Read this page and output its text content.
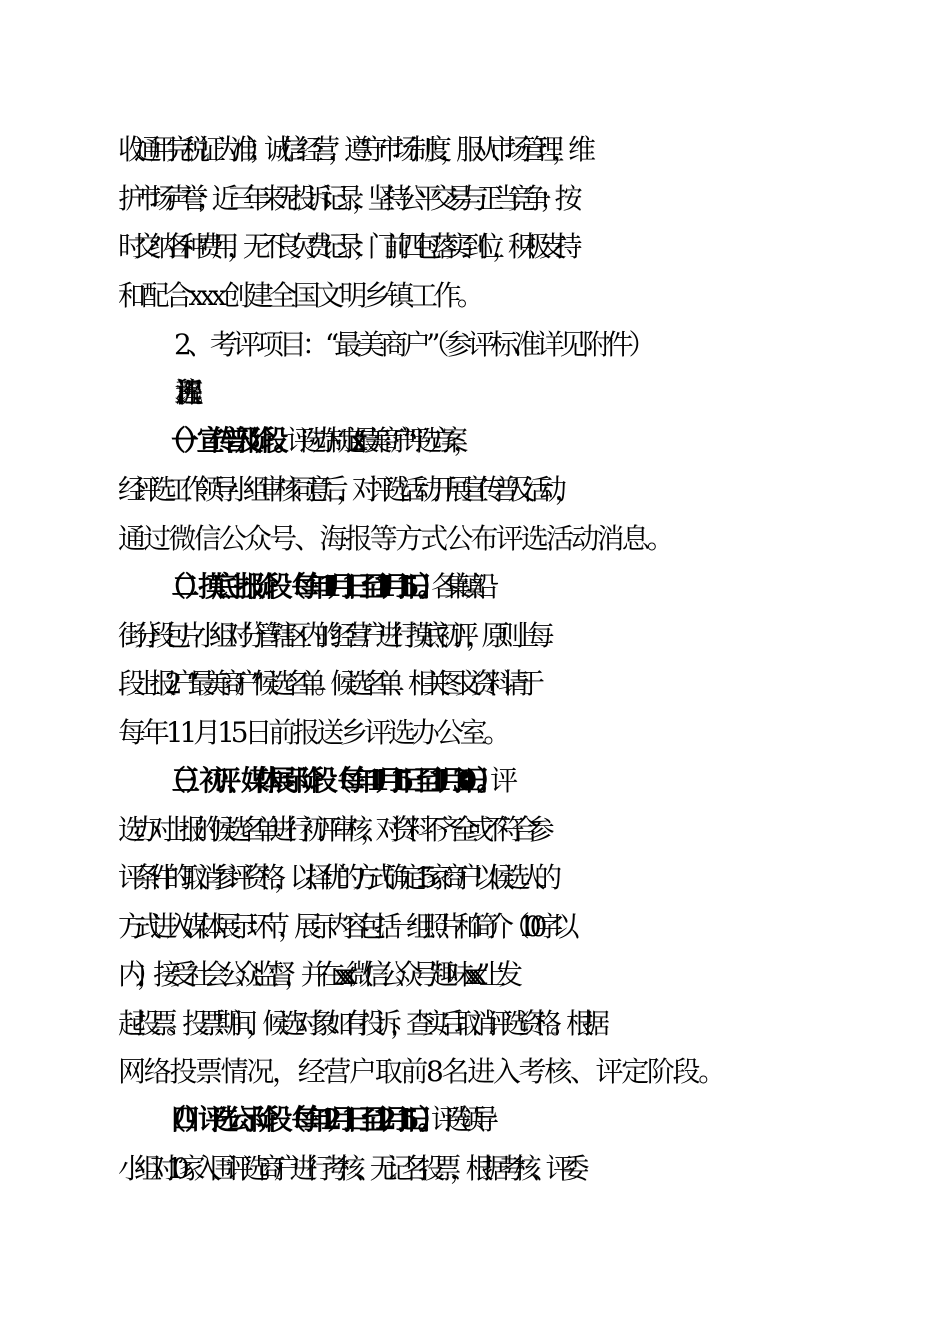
收通用完税证为准）；诚信经营，遵守市场制度，服从市场管理，维
护市场声誉；近三年来无投诉记录，坚持公平交易与正当竞争；按
时交纳各种费用，无不良欠费记录；门前四包落实到位，积极支持
和配合xxx创建全国文明乡镇工作。
2、考评项目：“最美商户”（参评标准详见附件）
三、评选流程
（一）宣传普及阶段。评选办制定xxx“最美商户”评选方案，
经评选工作领导小组审核同意后，对评选活动开展宣传普及活动，
通过微信公众号、海报等方式公布评选活动消息。
（二）摸底上报阶段（每年11月1日至11月15日）。各集镇沿
街分段包片小组对分管辖区内的经营户进行摸底初评，原则上每
段上报2户“最美商户”候选名单。候选名单、相关图文资料请于
每年11月15日前报送乡评选办公室。
（三）初评、媒体展示阶段（每年11月15日至11月30日）。评
选办对上报的候选名单进行初评审核，对资料不齐全或不符合参
评条件的取消参评资格，以择优的方式确定15家商户以候选人的
方式进入媒体展示环节，展示内容包括一组照片和简介（100字以
内），接受社会公众监督，并在xxx微信公众号“趣味xxx”上发
起投票。投票期间，候选对象如有投诉，查实后取消评选资格。根据
网络投票情况，经营户取前8名进入考核、评定阶段。
（四）评选公示阶段（每年12月1日至12月15日）。评选领导
小组对10家入围评选商户进行考核、无记名投票，根据考核、评委
